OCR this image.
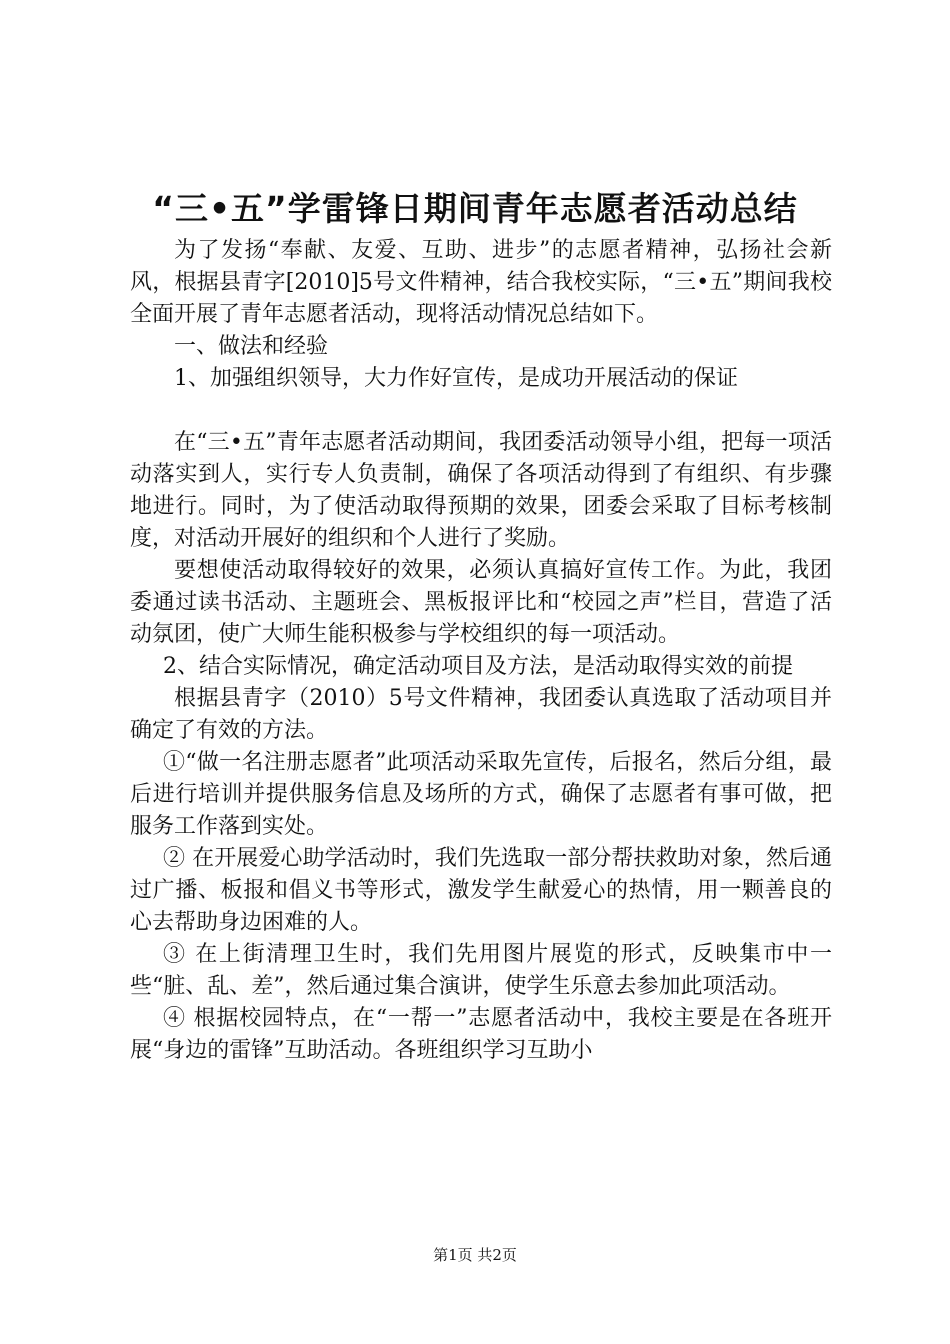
“三•五”学雷锋日期间青年志愿者活动总结

为了发扬“奉献、友爱、互助、进步”的志愿者精神，弘扬社会新风，根据县青字[2010]5号文件精神，结合我校实际，“三•五”期间我校全面开展了青年志愿者活动，现将活动情况总结如下。

一、做法和经验

1、加强组织领导，大力作好宣传，是成功开展活动的保证

在“三•五”青年志愿者活动期间，我团委活动领导小组，把每一项活动落实到人，实行专人负责制，确保了各项活动得到了有组织、有步骤地进行。同时，为了使活动取得预期的效果，团委会采取了目标考核制度，对活动开展好的组织和个人进行了奖励。

要想使活动取得较好的效果，必须认真搞好宣传工作。为此，我团委通过读书活动、主题班会、黑板报评比和“校园之声”栏目，营造了活动氛团，使广大师生能积极参与学校组织的每一项活动。

2、结合实际情况，确定活动项目及方法，是活动取得实效的前提

根据县青字（2010）5号文件精神，我团委认真选取了活动项目并确定了有效的方法。

①“做一名注册志愿者”此项活动采取先宣传，后报名，然后分组，最后进行培训并提供服务信息及场所的方式，确保了志愿者有事可做，把服务工作落到实处。

② 在开展爱心助学活动时，我们先选取一部分帮扶救助对象，然后通过广播、板报和倡义书等形式，激发学生献爱心的热情，用一颗善良的心去帮助身边困难的人。

③ 在上街清理卫生时，我们先用图片展览的形式，反映集市中一些“脏、乱、差”，然后通过集合演讲，使学生乐意去参加此项活动。

④ 根据校园特点，在“一帮一”志愿者活动中，我校主要是在各班开展“身边的雷锋”互助活动。各班组织学习互助小

第1页 共2页
